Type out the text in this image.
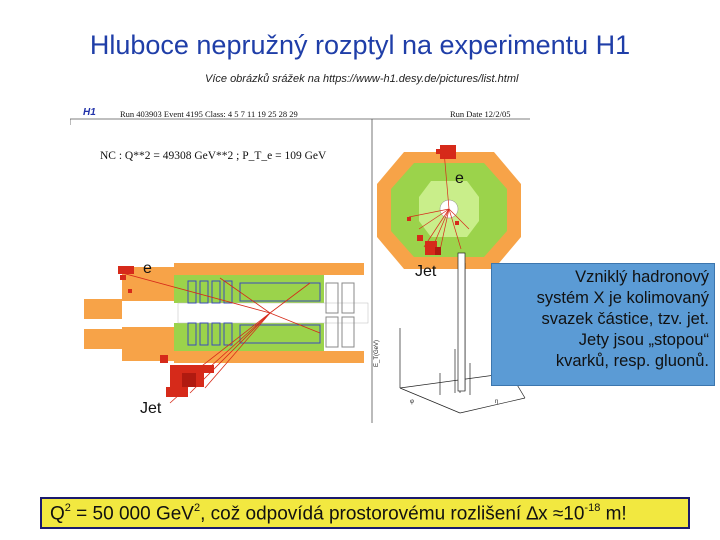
Hluboce nepružný rozptyl na experimentu H1
Více obrázků srážek na https://www-h1.desy.de/pictures/list.html
E_T(GeV)
φ	η
H1	Run 403903 Event 4195 Class: 4 5 7 11 19 25 28 29	Run Date 12/2/05
NC : Q**2 = 49308 GeV**2 ; P_T_e = 109 GeV
e
e	Jet
Jet
Vzniklý hadronový
systém X je kolimovaný
svazek částice, tzv. jet.
Jety jsou „stopou“
kvarků, resp. gluonů.
$Q^2 = 50$ 000 GeV$^2$, což odpovídá prostorovému rozlišení $\Delta x \approx 10^{-18}$ m!
